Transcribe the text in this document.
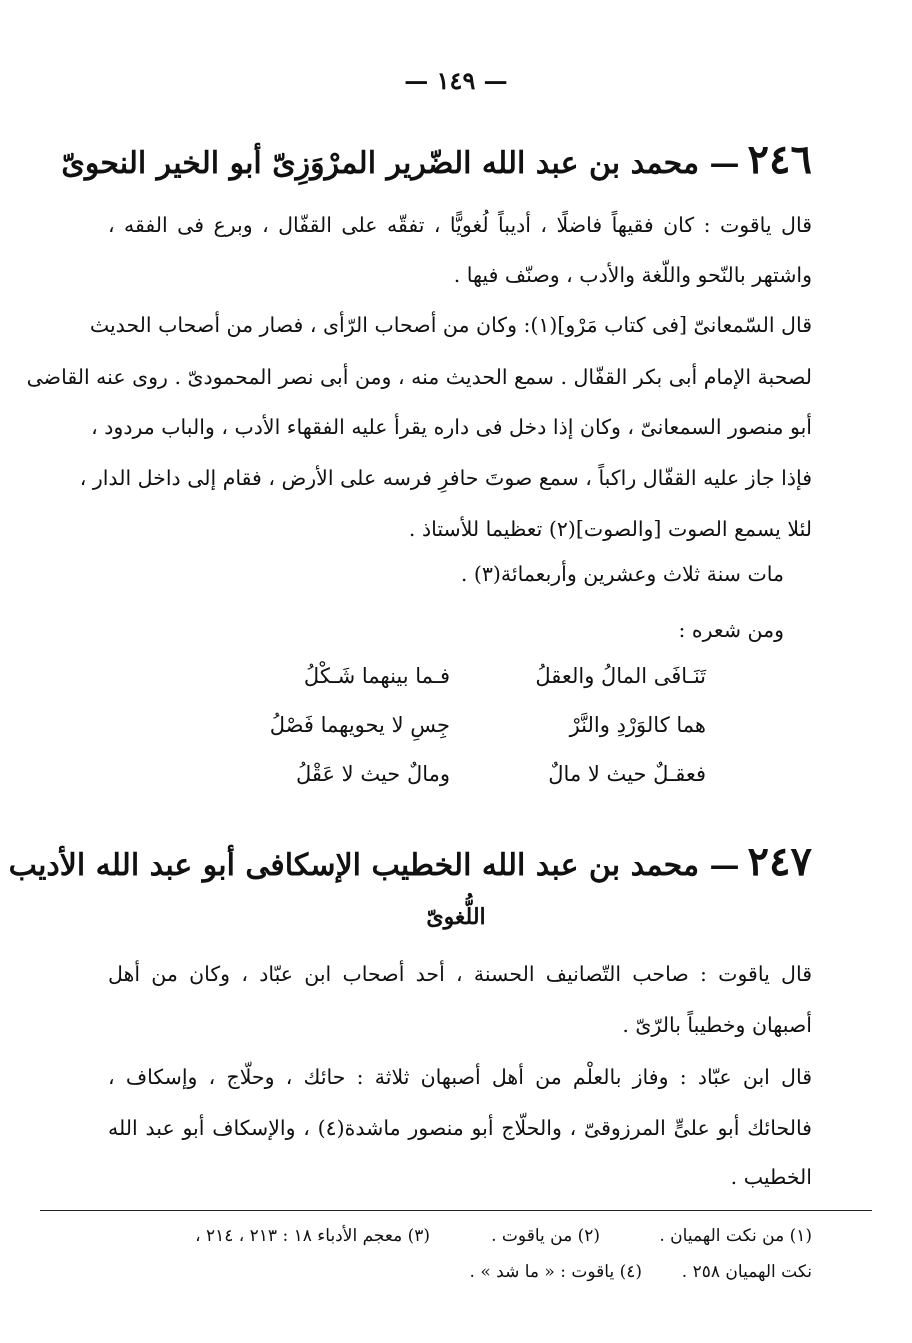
— ١٤٩ —
٢٤٦— محمد بن عبد الله الضّرير المرْوَزِىّ أبو الخير النحوىّ
قال ياقوت : كان فقيهاً فاضلًا ، أديباً لُغويًّا ، تفقّه على القفّال ، وبرع فى الفقه ،
واشتهر بالنّحو واللّغة والأدب ، وصنّف فيها .
قال السّمعانىّ [فى كتاب مَرْو](١): وكان من أصحاب الرّأى ، فصار من أصحاب الحديث
لصحبة الإمام أبى بكر القفّال . سمع الحديث منه ، ومن أبى نصر المحمودىّ . روى عنه القاضى
أبو منصور السمعانىّ ، وكان إذا دخل فى داره يقرأ عليه الفقهاء الأدب ، والباب مردود ،
فإذا جاز عليه القفّال راكباً ، سمع صوتَ حافرِ فرسه على الأرض ، فقام إلى داخل الدار ،
لئلا يسمع الصوت [والصوت](٢) تعظيما للأستاذ .
مات سنة ثلاث وعشرين وأربعمائة(٣) .
ومن شعره :
تَنَـافَى المالُ والعقلُ
فـما بينهما شَـكْلُ
هما كالوَرْدِ والنَّرْ
جِسِ لا يحويهما فَصْلُ
فعقـلٌ حيث لا مالٌ
ومالٌ حيث لا عَقْلُ
٢٤٧— محمد بن عبد الله الخطيب الإسكافى أبو عبد الله الأديب
اللُّغوىّ
قال ياقوت : صاحب التّصانيف الحسنة ، أحد أصحاب ابن عبّاد ، وكان من أهل
أصبهان وخطيباً بالرّىّ .
قال ابن عبّاد : وفاز بالعلْم من أهل أصبهان ثلاثة : حائك ، وحلّاج ، وإسكاف ،
فالحائك أبو علىٍّ المرزوقىّ ، والحلّاج أبو منصور ماشدة(٤) ، والإسكاف أبو عبد الله
الخطيب .
(١) من نكت الهميان .
(٢) من ياقوت .
(٣) معجم الأدباء ١٨ : ٢١٣ ، ٢١٤ ،
نكت الهميان ٢٥٨ .
(٤) ياقوت : « ما شد » .
